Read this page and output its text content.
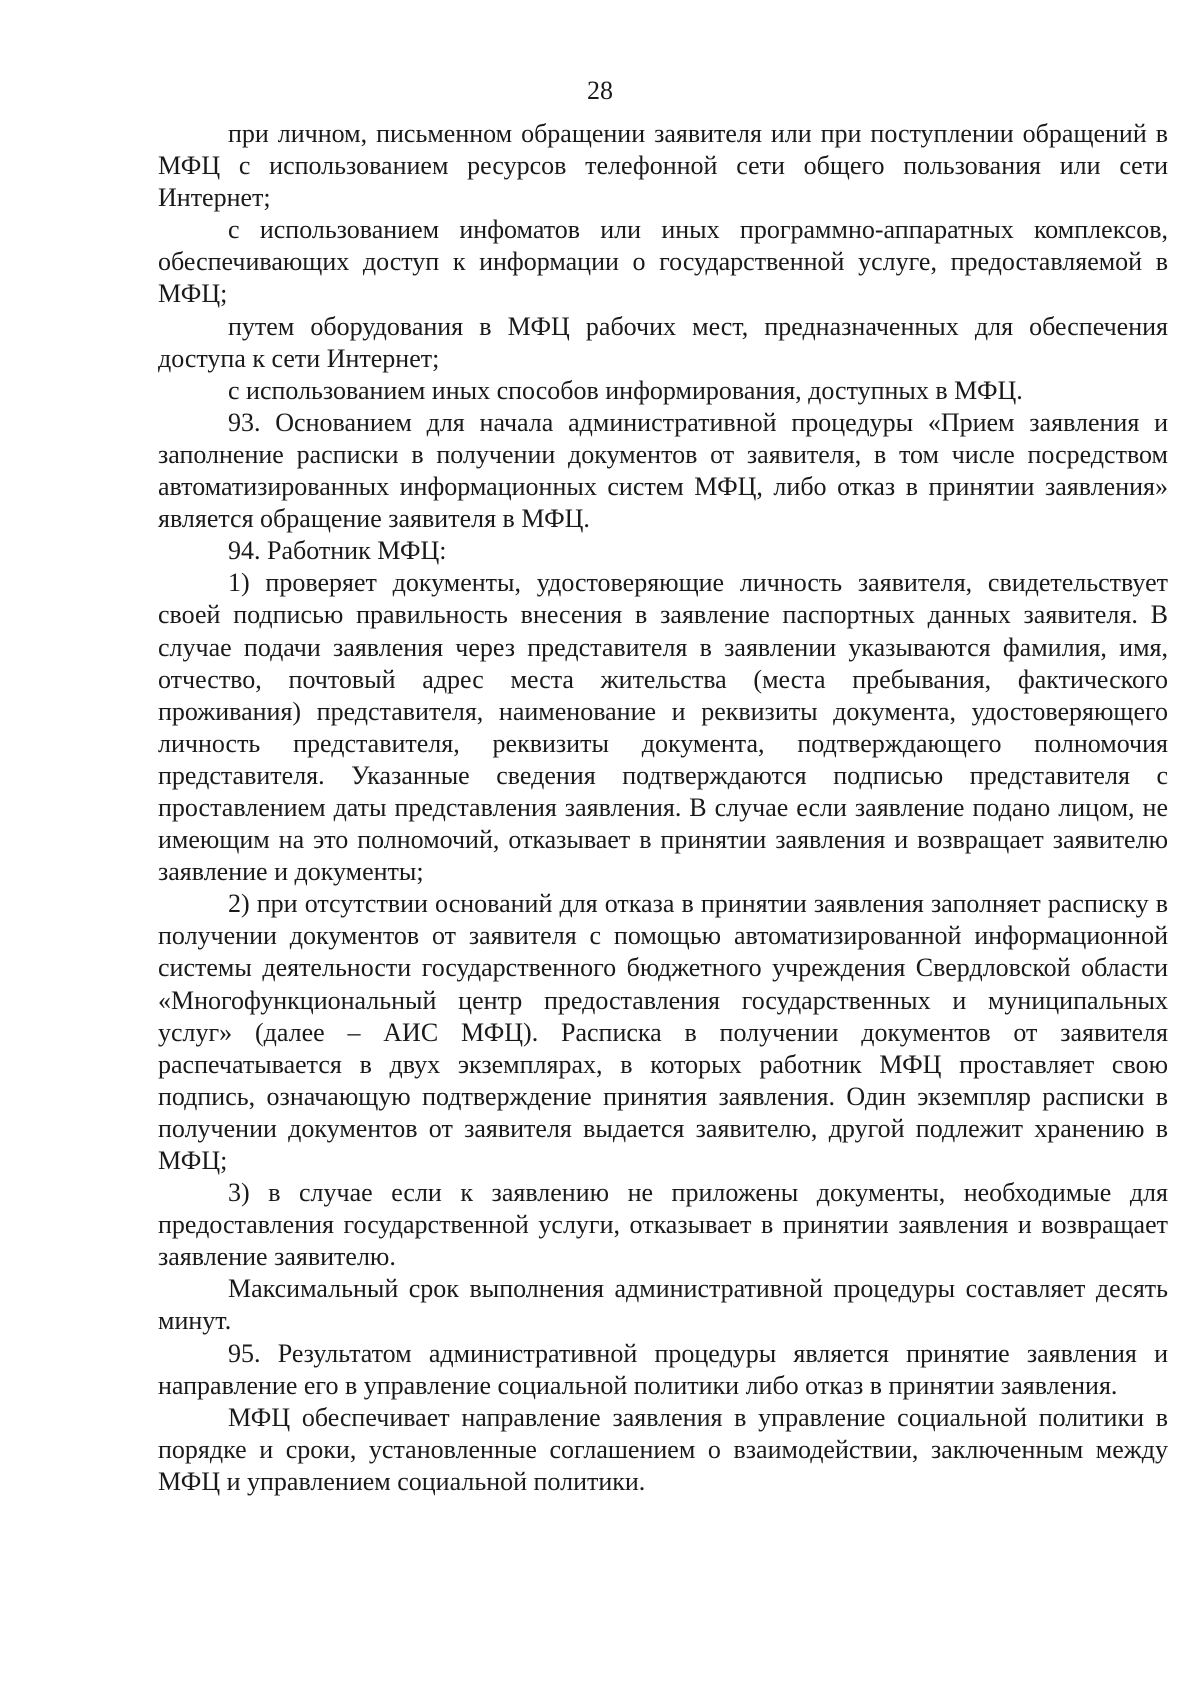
28

при личном, письменном обращении заявителя или при поступлении обращений в МФЦ с использованием ресурсов телефонной сети общего пользования или сети Интернет;

с использованием инфоматов или иных программно-аппаратных комплексов, обеспечивающих доступ к информации о государственной услуге, предоставляемой в МФЦ;

путем оборудования в МФЦ рабочих мест, предназначенных для обеспечения доступа к сети Интернет;

с использованием иных способов информирования, доступных в МФЦ.

93. Основанием для начала административной процедуры «Прием заявления и заполнение расписки в получении документов от заявителя, в том числе посредством автоматизированных информационных систем МФЦ, либо отказ в принятии заявления» является обращение заявителя в МФЦ.

94. Работник МФЦ:

1) проверяет документы, удостоверяющие личность заявителя, свидетельствует своей подписью правильность внесения в заявление паспортных данных заявителя. В случае подачи заявления через представителя в заявлении указываются фамилия, имя, отчество, почтовый адрес места жительства (места пребывания, фактического проживания) представителя, наименование и реквизиты документа, удостоверяющего личность представителя, реквизиты документа, подтверждающего полномочия представителя. Указанные сведения подтверждаются подписью представителя с проставлением даты представления заявления. В случае если заявление подано лицом, не имеющим на это полномочий, отказывает в принятии заявления и возвращает заявителю заявление и документы;

2) при отсутствии оснований для отказа в принятии заявления заполняет расписку в получении документов от заявителя с помощью автоматизированной информационной системы деятельности государственного бюджетного учреждения Свердловской области «Многофункциональный центр предоставления государственных и муниципальных услуг» (далее – АИС МФЦ). Расписка в получении документов от заявителя распечатывается в двух экземплярах, в которых работник МФЦ проставляет свою подпись, означающую подтверждение принятия заявления. Один экземпляр расписки в получении документов от заявителя выдается заявителю, другой подлежит хранению в МФЦ;

3) в случае если к заявлению не приложены документы, необходимые для предоставления государственной услуги, отказывает в принятии заявления и возвращает заявление заявителю.

Максимальный срок выполнения административной процедуры составляет десять минут.

95. Результатом административной процедуры является принятие заявления и направление его в управление социальной политики либо отказ в принятии заявления.

МФЦ обеспечивает направление заявления в управление социальной политики в порядке и сроки, установленные соглашением о взаимодействии, заключенным между МФЦ и управлением социальной политики.
